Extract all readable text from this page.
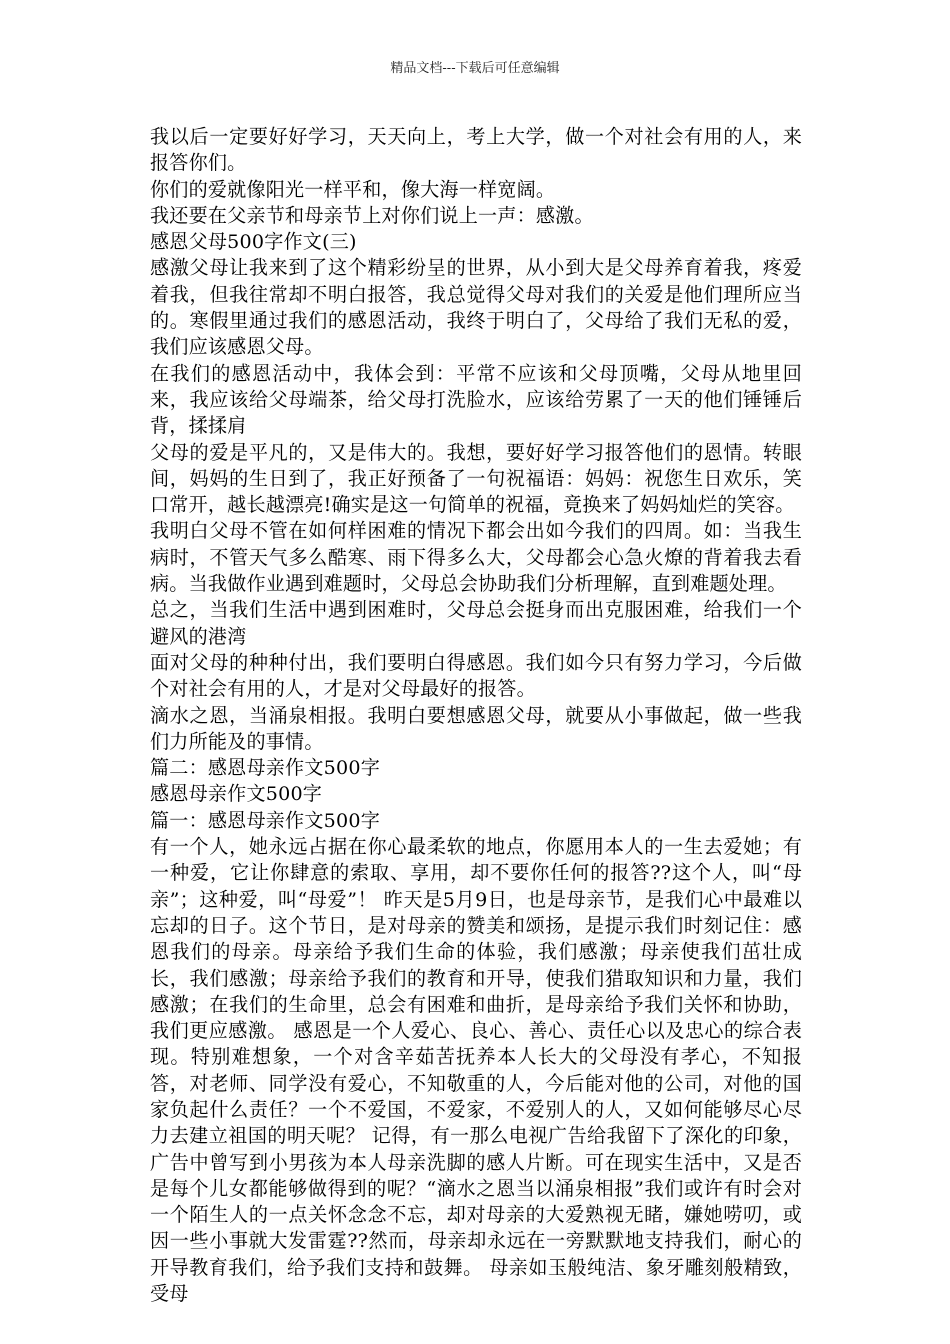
精品文档---下载后可任意编辑

我以后一定要好好学习，天天向上，考上大学，做一个对社会有用的人，来报答你们。

你们的爱就像阳光一样平和，像大海一样宽阔。

我还要在父亲节和母亲节上对你们说上一声：感激。

感恩父母500字作文(三)

感激父母让我来到了这个精彩纷呈的世界，从小到大是父母养育着我，疼爱着我，但我往常却不明白报答，我总觉得父母对我们的关爱是他们理所应当的。寒假里通过我们的感恩活动，我终于明白了，父母给了我们无私的爱，我们应该感恩父母。

在我们的感恩活动中，我体会到：平常不应该和父母顶嘴，父母从地里回来，我应该给父母端茶，给父母打洗脸水，应该给劳累了一天的他们锤锤后背，揉揉肩

父母的爱是平凡的，又是伟大的。我想，要好好学习报答他们的恩情。转眼间，妈妈的生日到了，我正好预备了一句祝福语：妈妈：祝您生日欢乐，笑口常开，越长越漂亮!确实是这一句简单的祝福，竟换来了妈妈灿烂的笑容。

我明白父母不管在如何样困难的情况下都会出如今我们的四周。如：当我生病时，不管天气多么酷寒、雨下得多么大，父母都会心急火燎的背着我去看病。当我做作业遇到难题时，父母总会协助我们分析理解，直到难题处理。

总之，当我们生活中遇到困难时，父母总会挺身而出克服困难，给我们一个避风的港湾

面对父母的种种付出，我们要明白得感恩。我们如今只有努力学习，今后做个对社会有用的人，才是对父母最好的报答。

滴水之恩，当涌泉相报。我明白要想感恩父母，就要从小事做起，做一些我们力所能及的事情。

篇二：感恩母亲作文500字

感恩母亲作文500字

篇一：感恩母亲作文500字

有一个人，她永远占据在你心最柔软的地点，你愿用本人的一生去爱她；有一种爱，它让你肆意的索取、享用，却不要你任何的报答??这个人，叫“母亲”；这种爱，叫“母爱”！ 昨天是5月9日，也是母亲节，是我们心中最难以忘却的日子。这个节日，是对母亲的赞美和颂扬，是提示我们时刻记住：感恩我们的母亲。母亲给予我们生命的体验，我们感激；母亲使我们茁壮成长，我们感激；母亲给予我们的教育和开导，使我们猎取知识和力量，我们感激；在我们的生命里，总会有困难和曲折，是母亲给予我们关怀和协助，我们更应感激。 感恩是一个人爱心、良心、善心、责任心以及忠心的综合表现。特别难想象，一个对含辛茹苦抚养本人长大的父母没有孝心，不知报答，对老师、同学没有爱心，不知敬重的人，今后能对他的公司，对他的国家负起什么责任？一个不爱国，不爱家，不爱别人的人，又如何能够尽心尽力去建立祖国的明天呢？ 记得，有一那么电视广告给我留下了深化的印象，广告中曾写到小男孩为本人母亲洗脚的感人片断。可在现实生活中，又是否是每个儿女都能够做得到的呢？“滴水之恩当以涌泉相报”我们或许有时会对一个陌生人的一点关怀念念不忘，却对母亲的大爱熟视无睹，嫌她唠叨，或因一些小事就大发雷霆??然而，母亲却永远在一旁默默地支持我们，耐心的开导教育我们，给予我们支持和鼓舞。 母亲如玉般纯洁、象牙雕刻般精致，受母
